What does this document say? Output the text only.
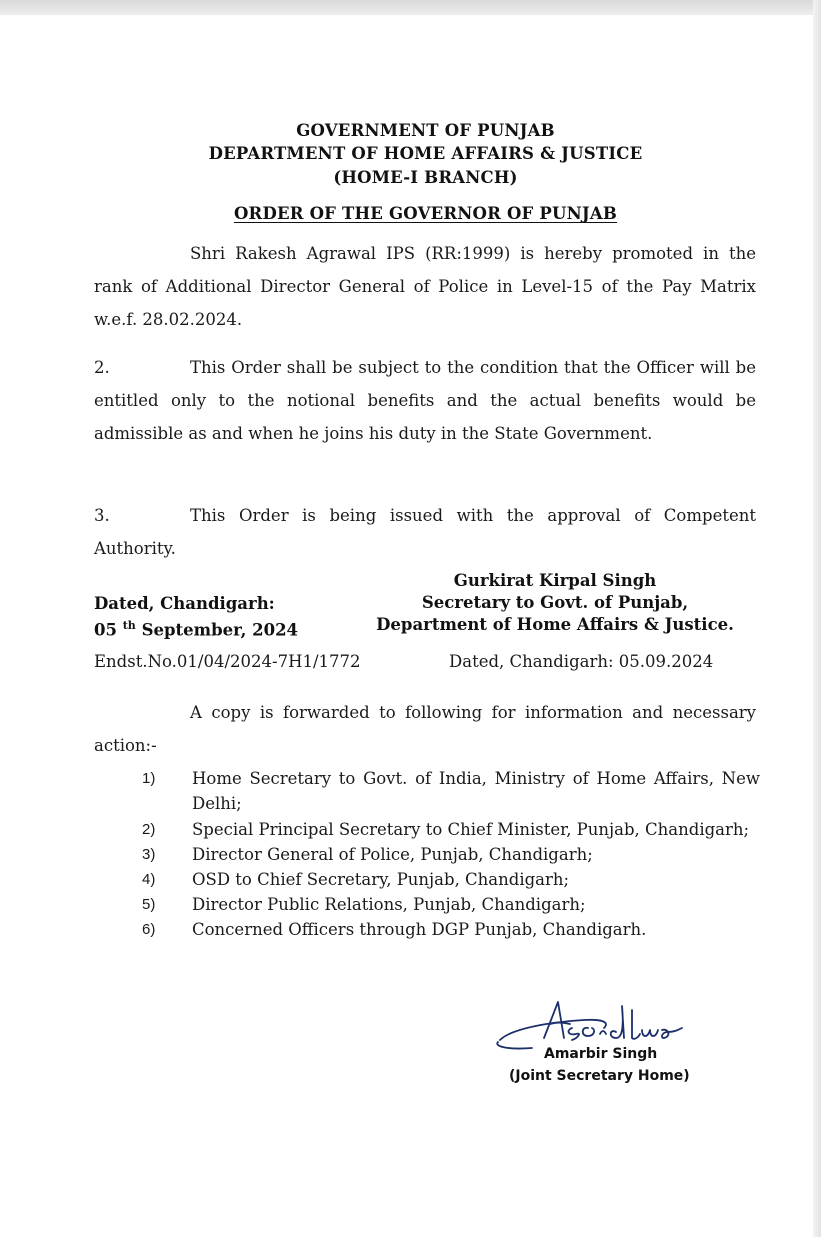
GOVERNMENT OF PUNJAB
DEPARTMENT OF HOME AFFAIRS & JUSTICE
(HOME-I BRANCH)
ORDER OF THE GOVERNOR OF PUNJAB
Shri Rakesh Agrawal IPS (RR:1999) is hereby promoted in the rank of Additional Director General of Police in Level-15 of the Pay Matrix w.e.f. 28.02.2024.
2.	This Order shall be subject to the condition that the Officer will be entitled only to the notional benefits and the actual benefits would be admissible as and when he joins his duty in the State Government.
3.	This Order is being issued with the approval of Competent Authority.
Gurkirat Kirpal Singh
Secretary to Govt. of Punjab,
Department of Home Affairs & Justice.
Dated, Chandigarh:
05 $^{th}$ September, 2024
Endst.No.01/04/2024-7H1/1772	Dated, Chandigarh: 05.09.2024
A copy is forwarded to following for information and necessary action:-
1)	Home Secretary to Govt. of India, Ministry of Home Affairs, New Delhi;
2)	Special Principal Secretary to Chief Minister, Punjab, Chandigarh;
3)	Director General of Police, Punjab, Chandigarh;
4)	OSD to Chief Secretary, Punjab, Chandigarh;
5)	Director Public Relations, Punjab, Chandigarh;
6)	Concerned Officers through DGP Punjab, Chandigarh.
Amarbir Singh
(Joint Secretary Home)
